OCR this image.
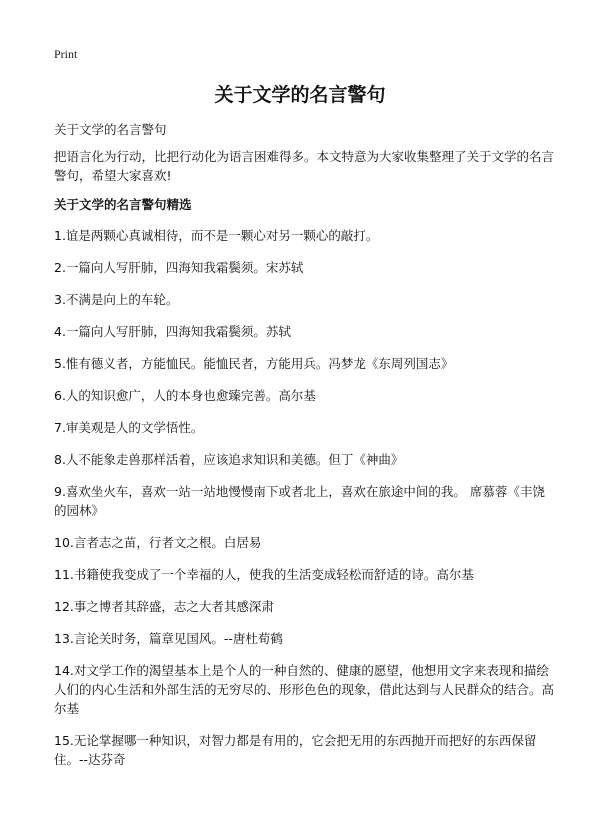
Print
关于文学的名言警句

关于文学的名言警句

把语言化为行动，比把行动化为语言困难得多。本文特意为大家收集整理了关于文学的名言警句，希望大家喜欢!

关于文学的名言警句精选

1.谊是两颗心真诚相待，而不是一颗心对另一颗心的敲打。
2.一篇向人写肝肺，四海知我霜鬓须。宋苏轼
3.不满是向上的车轮。
4.一篇向人写肝肺，四海知我霜鬓须。苏轼
5.惟有德义者，方能恤民。能恤民者，方能用兵。冯梦龙《东周列国志》
6.人的知识愈广，人的本身也愈臻完善。高尔基
7.审美观是人的文学悟性。
8.人不能象走兽那样活着，应该追求知识和美德。但丁《神曲》
9.喜欢坐火车，喜欢一站一站地慢慢南下或者北上，喜欢在旅途中间的我。 席慕蓉《丰饶的园林》
10.言者志之苗，行者文之根。白居易
11.书籍使我变成了一个幸福的人，使我的生活变成轻松而舒适的诗。高尔基
12.事之博者其辞盛，志之大者其感深肃
13.言论关时务，篇章见国风。--唐杜荀鹤
14.对文学工作的渴望基本上是个人的一种自然的、健康的愿望，他想用文字来表现和描绘人们的内心生活和外部生活的无穷尽的、形形色色的现象，借此达到与人民群众的结合。高尔基
15.无论掌握哪一种知识，对智力都是有用的，它会把无用的东西抛开而把好的东西保留住。--达芬奇
